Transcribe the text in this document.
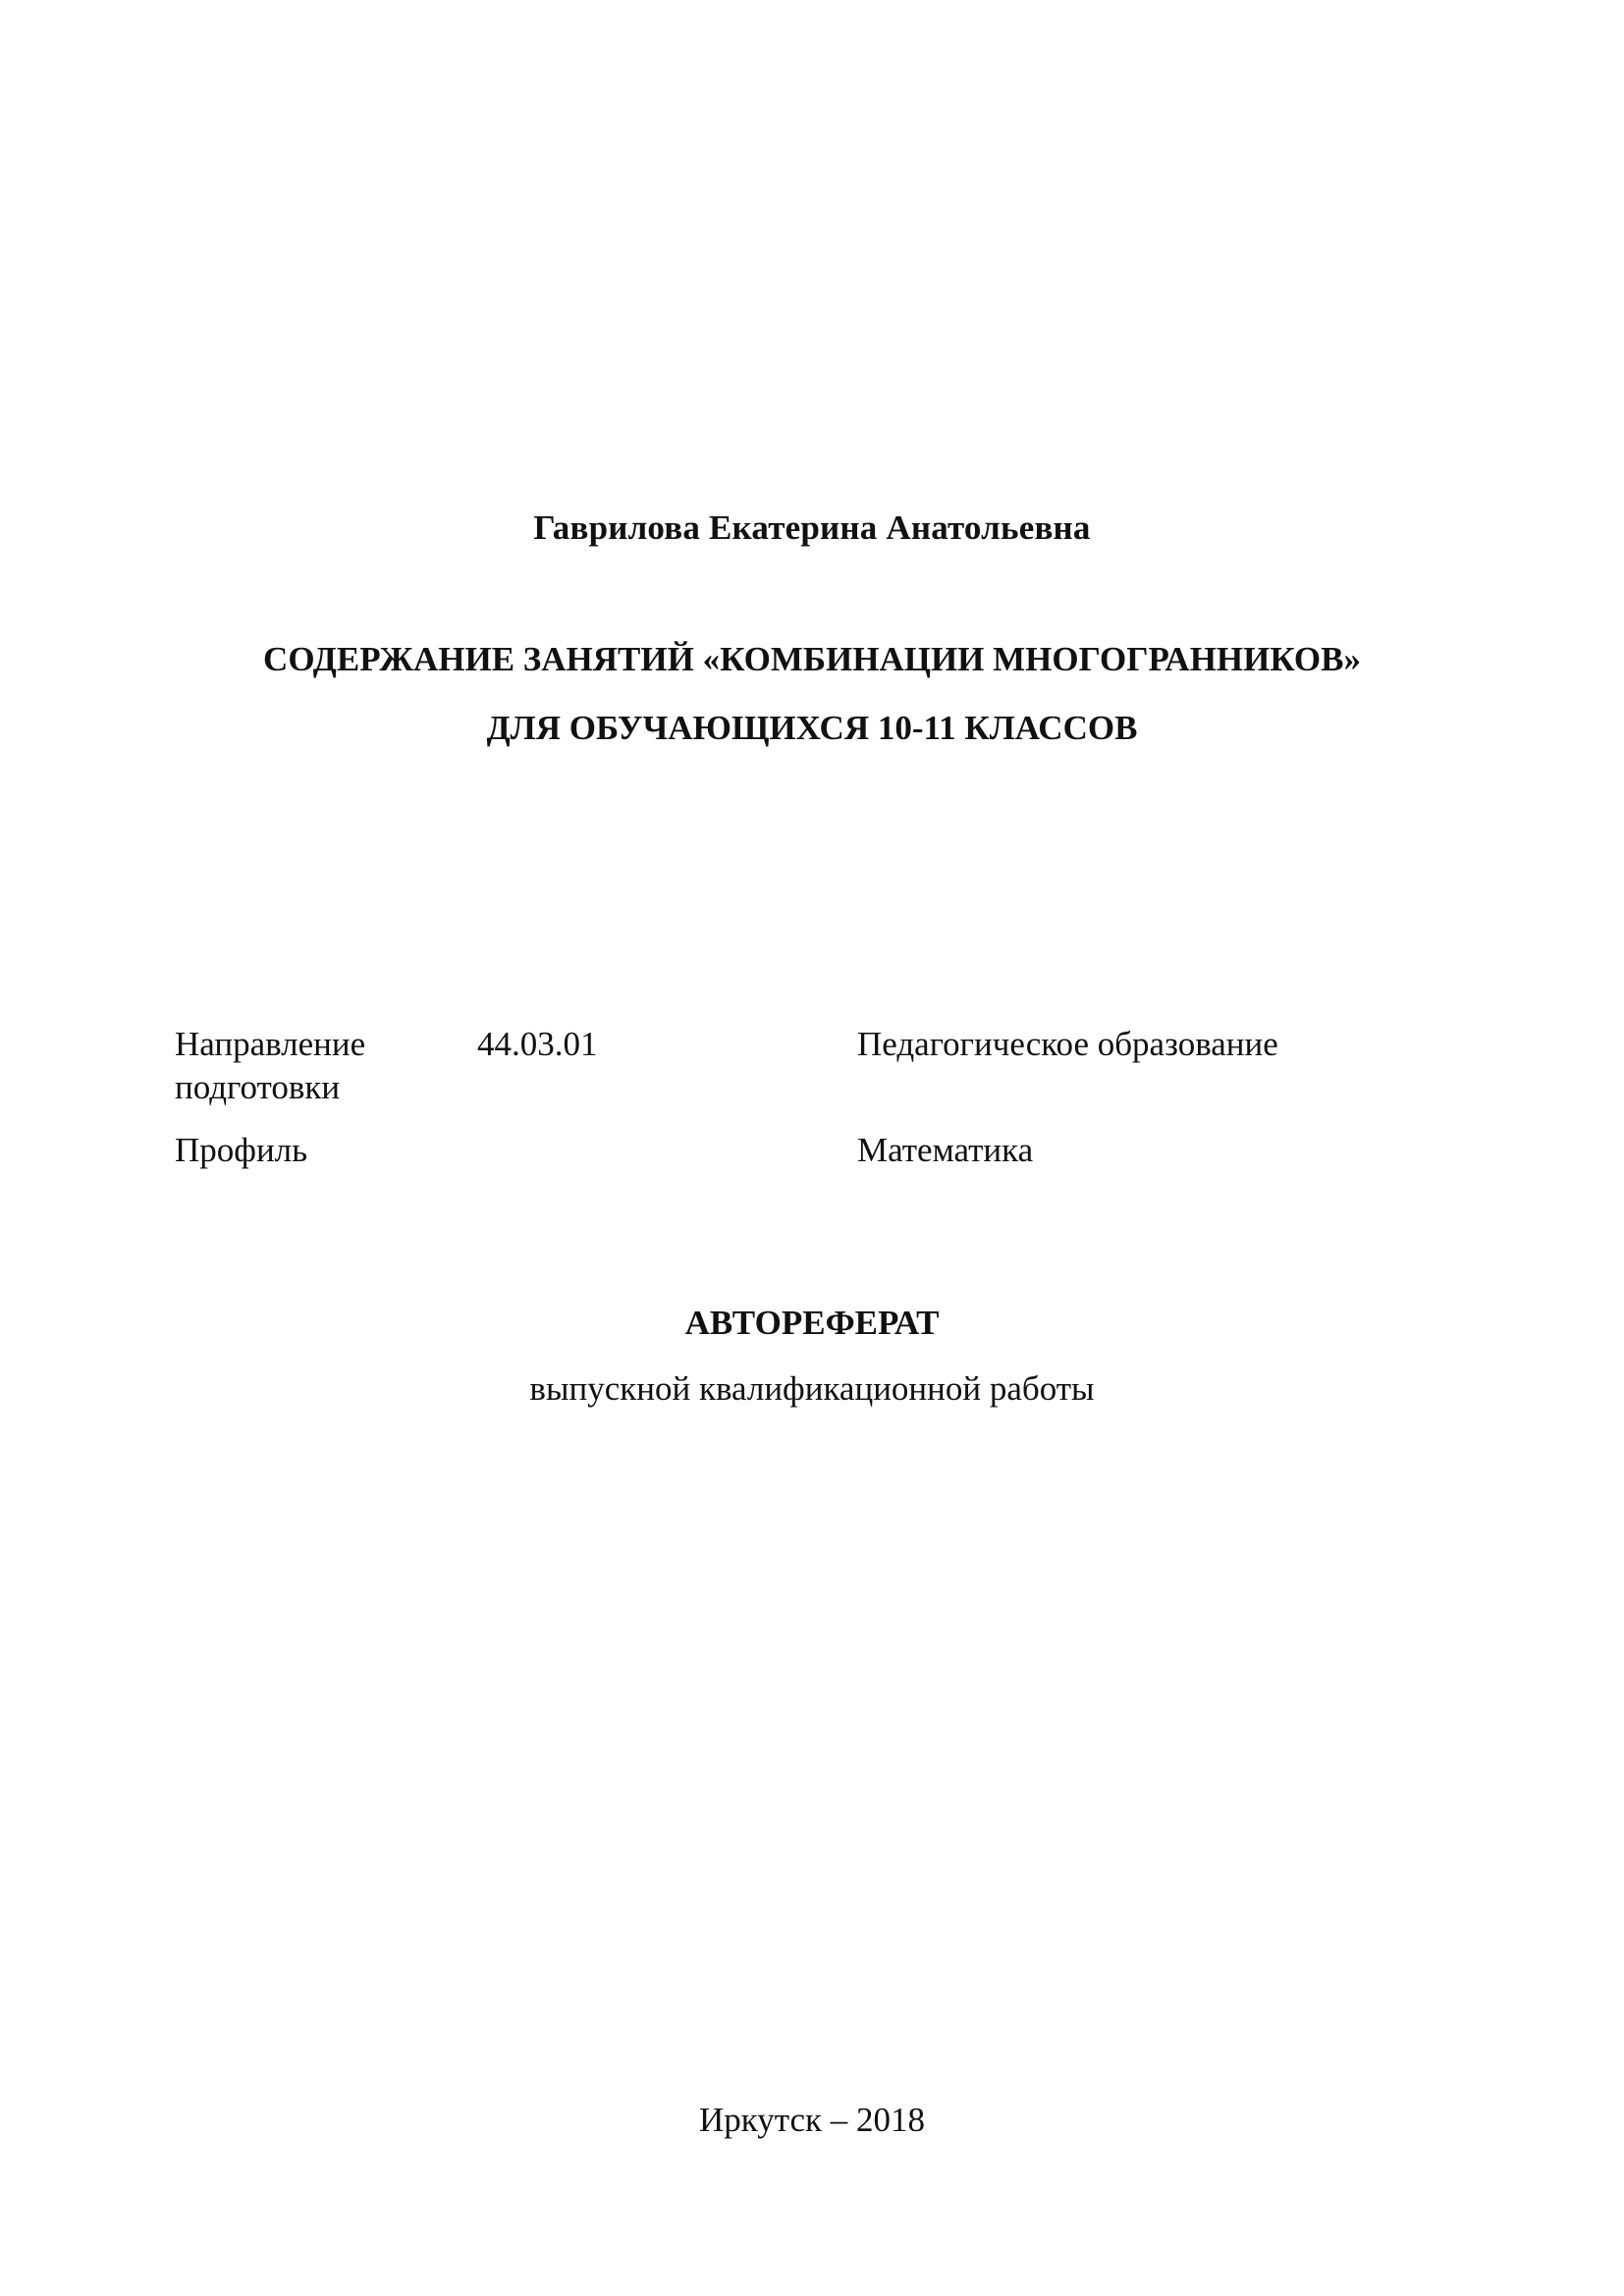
Гаврилова Екатерина Анатольевна
СОДЕРЖАНИЕ ЗАНЯТИЙ «КОМБИНАЦИИ МНОГОГРАННИКОВ»
ДЛЯ ОБУЧАЮЩИХСЯ 10-11 КЛАССОВ
Направление
подготовки
44.03.01	Педагогическое образование
Профиль	Математика
АВТОРЕФЕРАТ
выпускной квалификационной работы
Иркутск – 2018
